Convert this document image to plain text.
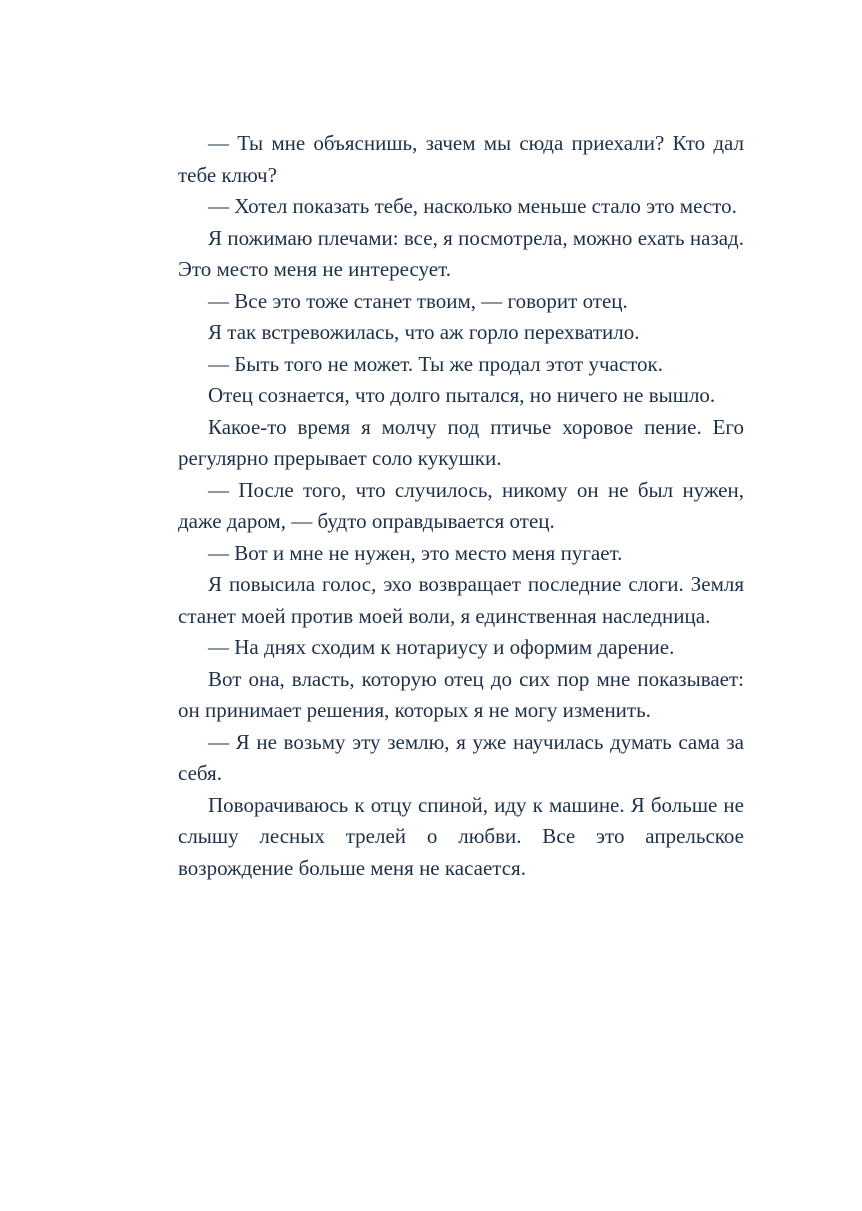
— Ты мне объяснишь, зачем мы сюда приехали? Кто дал тебе ключ?

— Хотел показать тебе, насколько меньше стало это место.

Я пожимаю плечами: все, я посмотрела, можно ехать назад. Это место меня не интересует.

— Все это тоже станет твоим, — говорит отец.

Я так встревожилась, что аж горло перехватило.

— Быть того не может. Ты же продал этот участок.

Отец сознается, что долго пытался, но ничего не вышло.

Какое-то время я молчу под птичье хоровое пение. Его регулярно прерывает соло кукушки.

— После того, что случилось, никому он не был нужен, даже даром, — будто оправдывается отец.

— Вот и мне не нужен, это место меня пугает.

Я повысила голос, эхо возвращает последние слоги. Земля станет моей против моей воли, я единственная наследница.

— На днях сходим к нотариусу и оформим дарение.

Вот она, власть, которую отец до сих пор мне показывает: он принимает решения, которых я не могу изменить.

— Я не возьму эту землю, я уже научилась думать сама за себя.

Поворачиваюсь к отцу спиной, иду к машине. Я больше не слышу лесных трелей о любви. Все это апрельское возрождение больше меня не касается.
